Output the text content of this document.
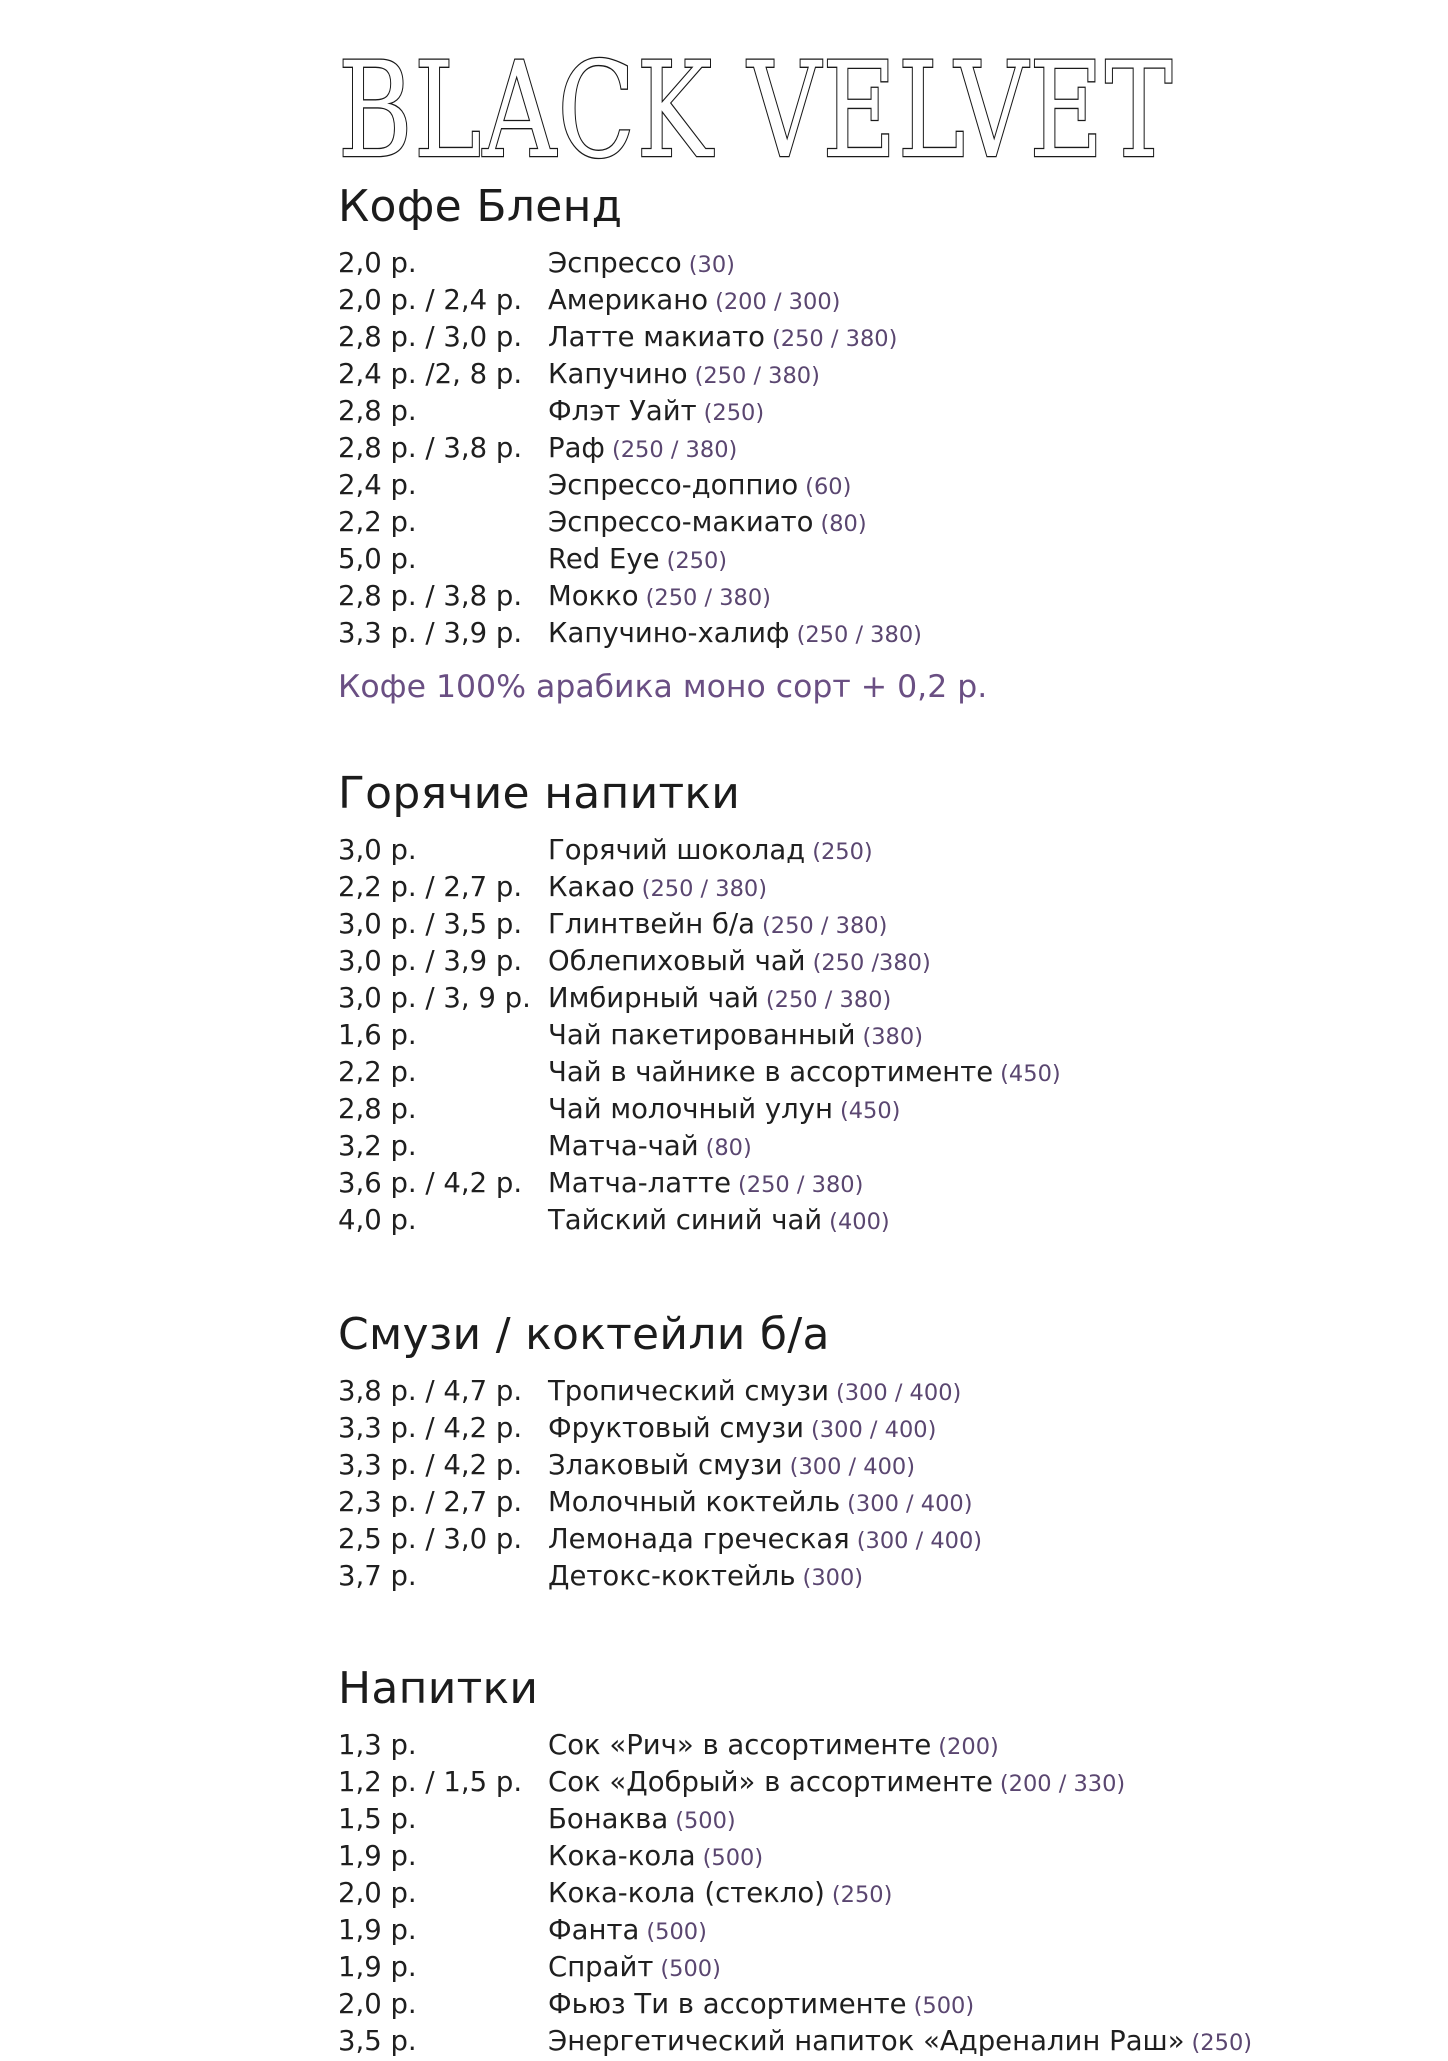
BLACK VELVET
Кофе Бленд
2,0 р.	Эспрессо (30)
2,0 р. / 2,4 р. Американо (200 / 300)
2,8 р. / 3,0 р. Латте макиато (250 / 380)
2,4 р. /2, 8 р. Капучино (250 / 380)
2,8 р.	Флэт Уайт (250)
2,8 р. / 3,8 р. Раф (250 / 380)
2,4 р.	Эспрессо-доппио (60)
2,2 р.	Эспрессо-макиато (80)
5,0 р.	Red Eye (250)
2,8 р. / 3,8 р. Мокко (250 / 380)
3,3 р. / 3,9 р. Капучино-халиф (250 / 380)
Кофе 100% арабика моно сорт + 0,2 р.
Горячие напитки
3,0 р.	Горячий шоколад (250)
2,2 р. / 2,7 р. Какао (250 / 380)
3,0 р. / 3,5 р. Глинтвейн б/а (250 / 380)
3,0 р. / 3,9 р. Облепиховый чай (250 /380)
3,0 р. / 3, 9 р. Имбирный чай (250 / 380)
1,6 р.	Чай пакетированный (380)
2,2 р.	Чай в чайнике в ассортименте (450)
2,8 р.	Чай молочный улун (450)
3,2 р.	Матча-чай (80)
3,6 р. / 4,2 р. Матча-латте (250 / 380)
4,0 р.	Тайский синий чай (400)
Смузи / коктейли б/а
3,8 р. / 4,7 р. Тропический смузи (300 / 400)
3,3 р. / 4,2 р. Фруктовый смузи (300 / 400)
3,3 р. / 4,2 р. Злаковый смузи (300 / 400)
2,3 р. / 2,7 р. Молочный коктейль (300 / 400)
2,5 р. / 3,0 р. Лемонада греческая (300 / 400)
3,7 р.	Детокс-коктейль (300)
Напитки
1,3 р.	Сок «Рич» в ассортименте (200)
1,2 р. / 1,5 р. Сок «Добрый» в ассортименте (200 / 330)
1,5 р.	Бонаква (500)
1,9 р.	Кока-кола (500)
2,0 р.	Кока-кола (стекло) (250)
1,9 р.	Фанта (500)
1,9 р.	Спрайт (500)
2,0 р.	Фьюз Ти в ассортименте (500)
3,5 р.	Энергетический напиток «Адреналин Раш» (250)
